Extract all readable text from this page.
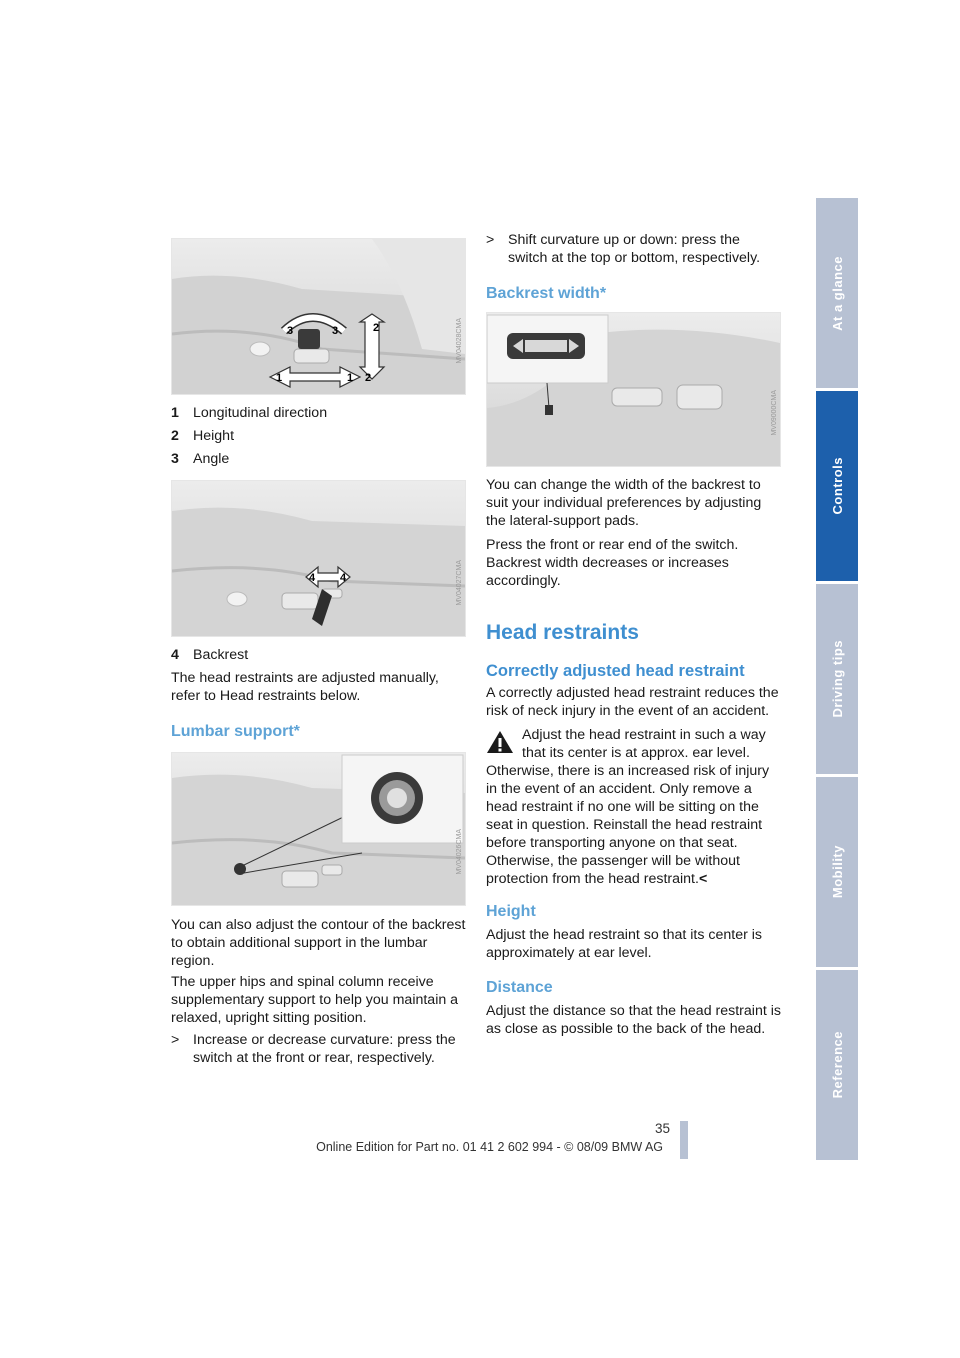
At a glance
Controls
Driving tips
Mobility
Reference
1	1
2
2
3	3	MV04028CMA

1 Longitudinal direction

2 Height

3 Angle

4 4	MV04027CMA

4 Backrest

The head restraints are adjusted manually, refer to Head restraints below.

Lumbar support*

MV04026CMA

You can also adjust the contour of the backrest to obtain additional support in the lumbar region.

The upper hips and spinal column receive supplementary support to help you maintain a relaxed, upright sitting position.

> Increase or decrease curvature: press the switch at the front or rear, respectively.

> Shift curvature up or down: press the switch at the top or bottom, respectively.

Backrest width*

MV09000CMA

You can change the width of the backrest to suit your individual preferences by adjusting the lateral-support pads.

Press the front or rear end of the switch. Backrest width decreases or increases accordingly.

Head restraints

Correctly adjusted head restraint

A correctly adjusted head restraint reduces the risk of neck injury in the event of an accident.

Adjust the head restraint in such a way that its center is at approx. ear level. Otherwise, there is an increased risk of injury in the event of an accident. Only remove a head restraint if no one will be sitting on the seat in question. Reinstall the head restraint before transporting anyone on that seat. Otherwise, the passenger will be without protection from the head restraint.<

Height

Adjust the head restraint so that its center is approximately at ear level.

Distance

Adjust the distance so that the head restraint is as close as possible to the back of the head.

35

Online Edition for Part no. 01 41 2 602 994 - © 08/09 BMW AG
